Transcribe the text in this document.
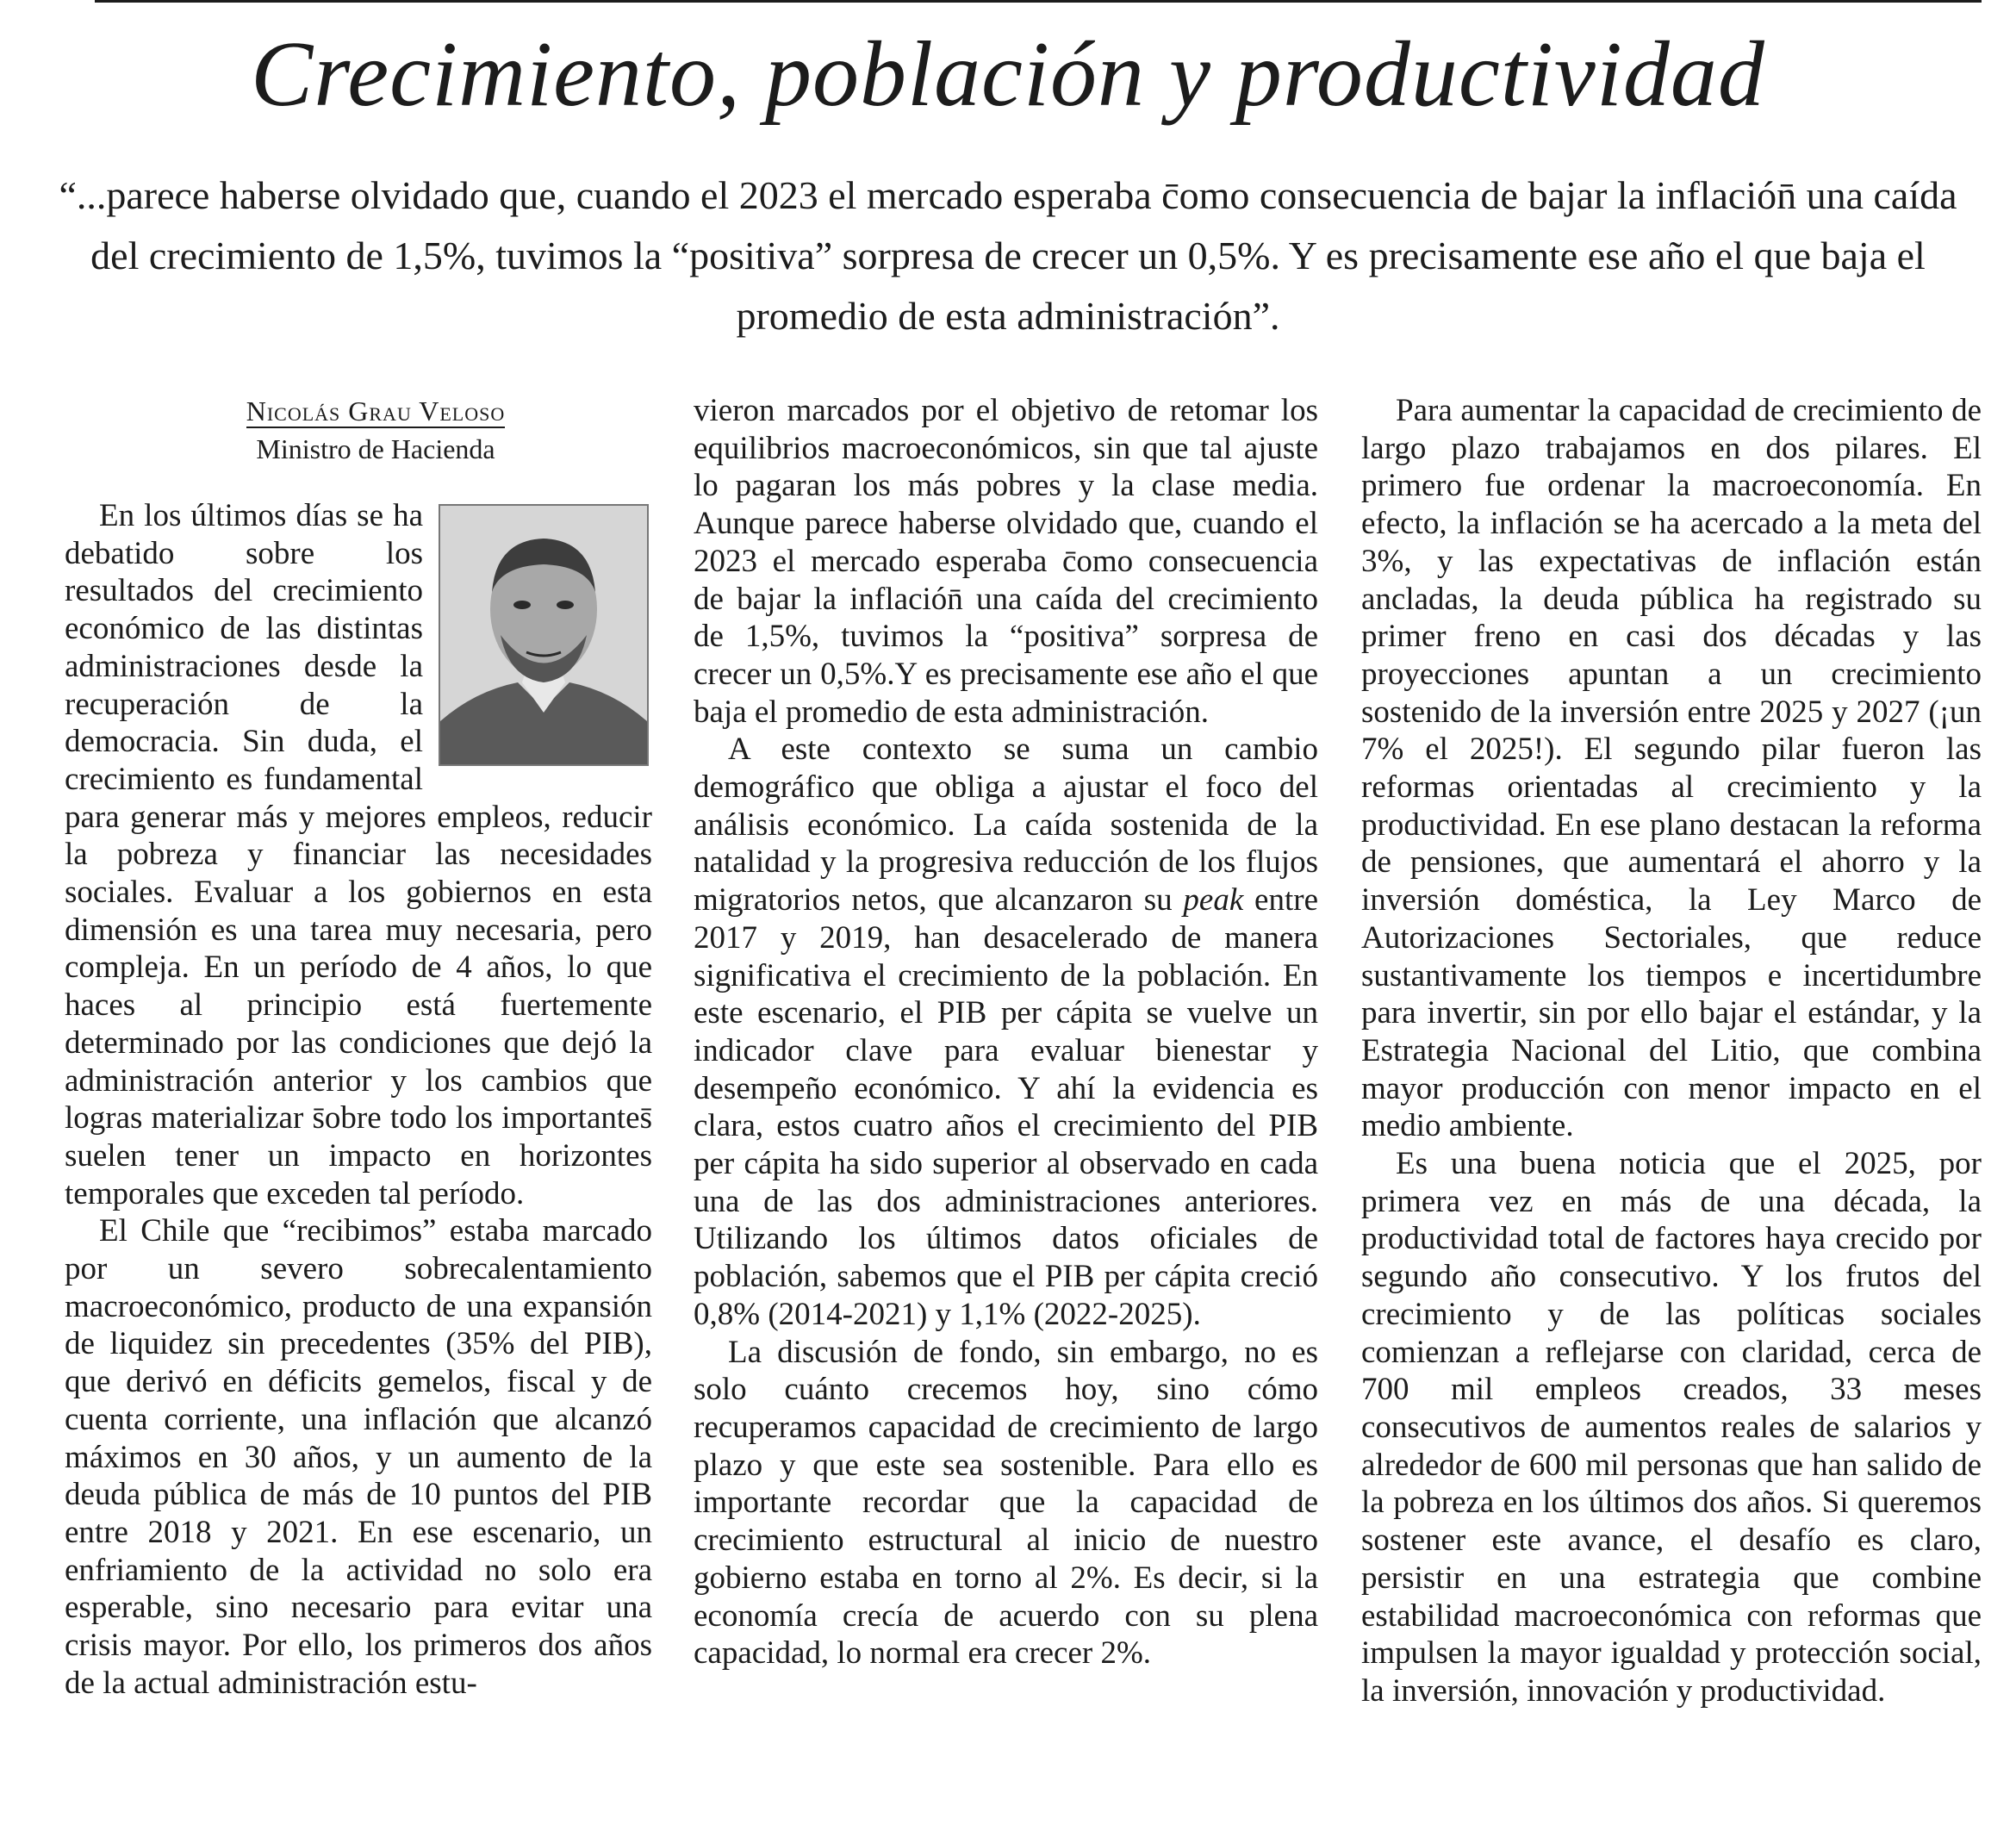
Crecimiento, población y productividad

“...parece haberse olvidado que, cuando el 2023 el mercado esperaba c̄omo consecuencia de bajar la inflación̄ una caída del crecimiento de 1,5%, tuvimos la “positiva” sorpresa de crecer un 0,5%. Y es precisamente ese año el que baja el promedio de esta administración”.

Nicolás Grau Veloso

Ministro de Hacienda

En los últimos días se ha debatido sobre los resultados del crecimiento económico de las distintas administraciones desde la recuperación de la democracia. Sin duda, el crecimiento es fundamental para generar más y mejores empleos, reducir la pobreza y financiar las necesidades sociales. Evaluar a los gobiernos en esta dimensión es una tarea muy necesaria, pero compleja. En un período de 4 años, lo que haces al principio está fuertemente determinado por las condiciones que dejó la administración anterior y los cambios que logras materializar s̄obre todo los importantes̄ suelen tener un impacto en horizontes temporales que exceden tal período.

El Chile que “recibimos” estaba marcado por un severo sobrecalentamiento macroeconómico, producto de una expansión de liquidez sin precedentes (35% del PIB), que derivó en déficits gemelos, fiscal y de cuenta corriente, una inflación que alcanzó máximos en 30 años, y un aumento de la deuda pública de más de 10 puntos del PIB entre 2018 y 2021. En ese escenario, un enfriamiento de la actividad no solo era esperable, sino necesario para evitar una crisis mayor. Por ello, los primeros dos años de la actual administración estu-

vieron marcados por el objetivo de retomar los equilibrios macroeconómicos, sin que tal ajuste lo pagaran los más pobres y la clase media. Aunque parece haberse olvidado que, cuando el 2023 el mercado esperaba c̄omo consecuencia de bajar la inflación̄ una caída del crecimiento de 1,5%, tuvimos la “positiva” sorpresa de crecer un 0,5%.Y es precisamente ese año el que baja el promedio de esta administración.

A este contexto se suma un cambio demográfico que obliga a ajustar el foco del análisis económico. La caída sostenida de la natalidad y la progresiva reducción de los flujos migratorios netos, que alcanzaron su peak entre 2017 y 2019, han desacelerado de manera significativa el crecimiento de la población. En este escenario, el PIB per cápita se vuelve un indicador clave para evaluar bienestar y desempeño económico. Y ahí la evidencia es clara, estos cuatro años el crecimiento del PIB per cápita ha sido superior al observado en cada una de las dos administraciones anteriores. Utilizando los últimos datos oficiales de población, sabemos que el PIB per cápita creció 0,8% (2014-2021) y 1,1% (2022-2025).

La discusión de fondo, sin embargo, no es solo cuánto crecemos hoy, sino cómo recuperamos capacidad de crecimiento de largo plazo y que este sea sostenible. Para ello es importante recordar que la capacidad de crecimiento estructural al inicio de nuestro gobierno estaba en torno al 2%. Es decir, si la economía crecía de acuerdo con su plena capacidad, lo normal era crecer 2%.

Para aumentar la capacidad de crecimiento de largo plazo trabajamos en dos pilares. El primero fue ordenar la macroeconomía. En efecto, la inflación se ha acercado a la meta del 3%, y las expectativas de inflación están ancladas, la deuda pública ha registrado su primer freno en casi dos décadas y las proyecciones apuntan a un crecimiento sostenido de la inversión entre 2025 y 2027 (¡un 7% el 2025!). El segundo pilar fueron las reformas orientadas al crecimiento y la productividad. En ese plano destacan la reforma de pensiones, que aumentará el ahorro y la inversión doméstica, la Ley Marco de Autorizaciones Sectoriales, que reduce sustantivamente los tiempos e incertidumbre para invertir, sin por ello bajar el estándar, y la Estrategia Nacional del Litio, que combina mayor producción con menor impacto en el medio ambiente.

Es una buena noticia que el 2025, por primera vez en más de una década, la productividad total de factores haya crecido por segundo año consecutivo. Y los frutos del crecimiento y de las políticas sociales comienzan a reflejarse con claridad, cerca de 700 mil empleos creados, 33 meses consecutivos de aumentos reales de salarios y alrededor de 600 mil personas que han salido de la pobreza en los últimos dos años. Si queremos sostener este avance, el desafío es claro, persistir en una estrategia que combine estabilidad macroeconómica con reformas que impulsen la mayor igualdad y protección social, la inversión, innovación y productividad.
